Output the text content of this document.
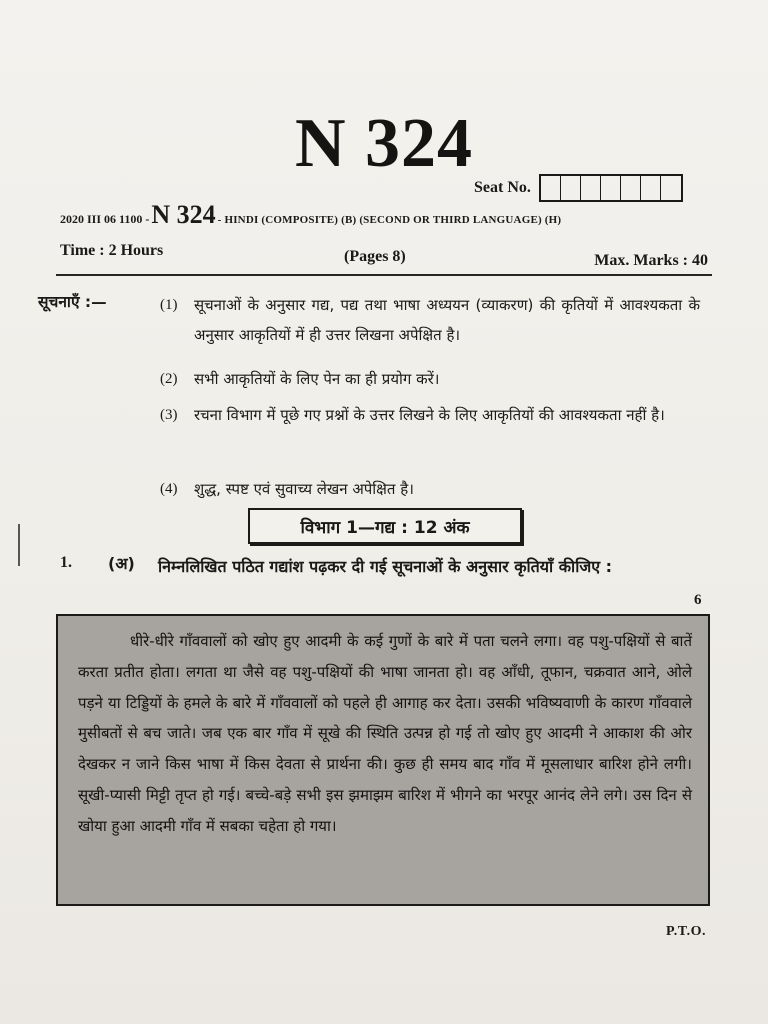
N 324
Seat No.
2020 III 06 1100 -N 324 - HINDI (COMPOSITE) (B) (SECOND OR THIRD LANGUAGE) (H)
Time : 2 Hours	(Pages 8)	Max. Marks : 40
सूचनाएँ :—	(1) सूचनाओं के अनुसार गद्य, पद्य तथा भाषा अध्ययन (व्याकरण) की कृतियों में आवश्यकता के अनुसार आकृतियों में ही उत्तर लिखना अपेक्षित है।
(2) सभी आकृतियों के लिए पेन का ही प्रयोग करें।
(3) रचना विभाग में पूछे गए प्रश्नों के उत्तर लिखने के लिए आकृतियों की आवश्यकता नहीं है।
(4) शुद्ध, स्पष्ट एवं सुवाच्य लेखन अपेक्षित है।
विभाग 1—गद्य : 12 अंक
1. (अ) निम्नलिखित पठित गद्यांश पढ़कर दी गई सूचनाओं के अनुसार कृतियाँ कीजिए :
6

धीरे-धीरे गाँववालों को खोए हुए आदमी के कई गुणों के बारे में पता चलने लगा। वह पशु-पक्षियों से बातें करता प्रतीत होता। लगता था जैसे वह पशु-पक्षियों की भाषा जानता हो। वह आँधी, तूफान, चक्रवात आने, ओले पड़ने या टिड्डियों के हमले के बारे में गाँववालों को पहले ही आगाह कर देता। उसकी भविष्यवाणी के कारण गाँववाले मुसीबतों से बच जाते। जब एक बार गाँव में सूखे की स्थिति उत्पन्न हो गई तो खोए हुए आदमी ने आकाश की ओर देखकर न जाने किस भाषा में किस देवता से प्रार्थना की। कुछ ही समय बाद गाँव में मूसलाधार बारिश होने लगी। सूखी-प्यासी मिट्टी तृप्त हो गई। बच्चे-बड़े सभी इस झमाझम बारिश में भीगने का भरपूर आनंद लेने लगे। उस दिन से खोया हुआ आदमी गाँव में सबका चहेता हो गया।

P.T.O.
